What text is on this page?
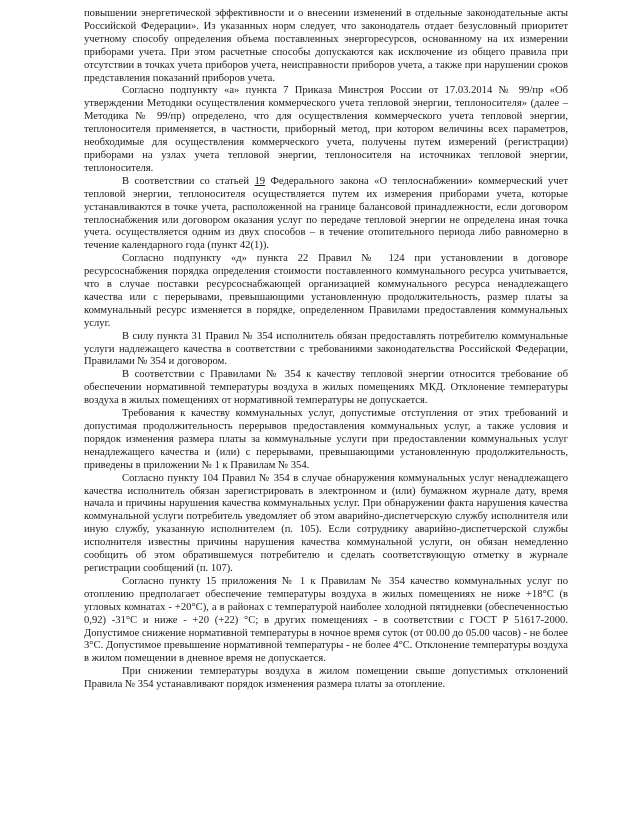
повышении энергетической эффективности и о внесении изменений в отдельные законодательные акты Российской Федерации». Из указанных норм следует, что законодатель отдает безусловный приоритет учетному способу определения объема поставленных энергоресурсов, основанному на их измерении приборами учета. При этом расчетные способы допускаются как исключение из общего правила при отсутствии в точках учета приборов учета, неисправности приборов учета, а также при нарушении сроков представления показаний приборов учета.

Согласно подпункту «а» пункта 7 Приказа Минстроя России от 17.03.2014 № 99/пр «Об утверждении Методики осуществления коммерческого учета тепловой энергии, теплоносителя» (далее – Методика № 99/пр) определено, что для осуществления коммерческого учета тепловой энергии, теплоносителя применяется, в частности, приборный метод, при котором величины всех параметров, необходимые для осуществления коммерческого учета, получены путем измерений (регистрации) приборами на узлах учета тепловой энергии, теплоносителя на источниках тепловой энергии, теплоносителя.

В соответствии со статьей 19 Федерального закона «О теплоснабжении» коммерческий учет тепловой энергии, теплоносителя осуществляется путем их измерения приборами учета, которые устанавливаются в точке учета, расположенной на границе балансовой принадлежности, если договором теплоснабжения или договором оказания услуг по передаче тепловой энергии не определена иная точка учета. осуществляется одним из двух способов – в течение отопительного периода либо равномерно в течение календарного года (пункт 42(1)).

Согласно подпункту «д» пункта 22 Правил № 124 при установлении в договоре ресурсоснабжения порядка определения стоимости поставленного коммунального ресурса учитывается, что в случае поставки ресурсоснабжающей организацией коммунального ресурса ненадлежащего качества или с перерывами, превышающими установленную продолжительность, размер платы за коммунальный ресурс изменяется в порядке, определенном Правилами предоставления коммунальных услуг.

В силу пункта 31 Правил № 354 исполнитель обязан предоставлять потребителю коммунальные услуги надлежащего качества в соответствии с требованиями законодательства Российской Федерации, Правилами № 354 и договором.

В соответствии с Правилами № 354 к качеству тепловой энергии относится требование об обеспечении нормативной температуры воздуха в жилых помещениях МКД. Отклонение температуры воздуха в жилых помещениях от нормативной температуры не допускается.

Требования к качеству коммунальных услуг, допустимые отступления от этих требований и допустимая продолжительность перерывов предоставления коммунальных услуг, а также условия и порядок изменения размера платы за коммунальные услуги при предоставлении коммунальных услуг ненадлежащего качества и (или) с перерывами, превышающими установленную продолжительность, приведены в приложении № 1 к Правилам № 354.

Согласно пункту 104 Правил № 354 в случае обнаружения коммунальных услуг ненадлежащего качества исполнитель обязан зарегистрировать в электронном и (или) бумажном журнале дату, время начала и причины нарушения качества коммунальных услуг. При обнаружении факта нарушения качества коммунальной услуги потребитель уведомляет об этом аварийно-диспетчерскую службу исполнителя или иную службу, указанную исполнителем (п. 105). Если сотруднику аварийно-диспетчерской службы исполнителя известны причины нарушения качества коммунальной услуги, он обязан немедленно сообщить об этом обратившемуся потребителю и сделать соответствующую отметку в журнале регистрации сообщений (п. 107).

Согласно пункту 15 приложения № 1 к Правилам № 354 качество коммунальных услуг по отоплению предполагает обеспечение температуры воздуха в жилых помещениях не ниже +18°C (в угловых комнатах - +20°C), а в районах с температурой наиболее холодной пятидневки (обеспеченностью 0,92) -31°C и ниже - +20 (+22) °C; в других помещениях - в соответствии с ГОСТ Р 51617-2000. Допустимое снижение нормативной температуры в ночное время суток (от 00.00 до 05.00 часов) - не более 3°C. Допустимое превышение нормативной температуры - не более 4°C. Отклонение температуры воздуха в жилом помещении в дневное время не допускается.

При снижении температуры воздуха в жилом помещении свыше допустимых отклонений Правила № 354 устанавливают порядок изменения размера платы за отопление.
